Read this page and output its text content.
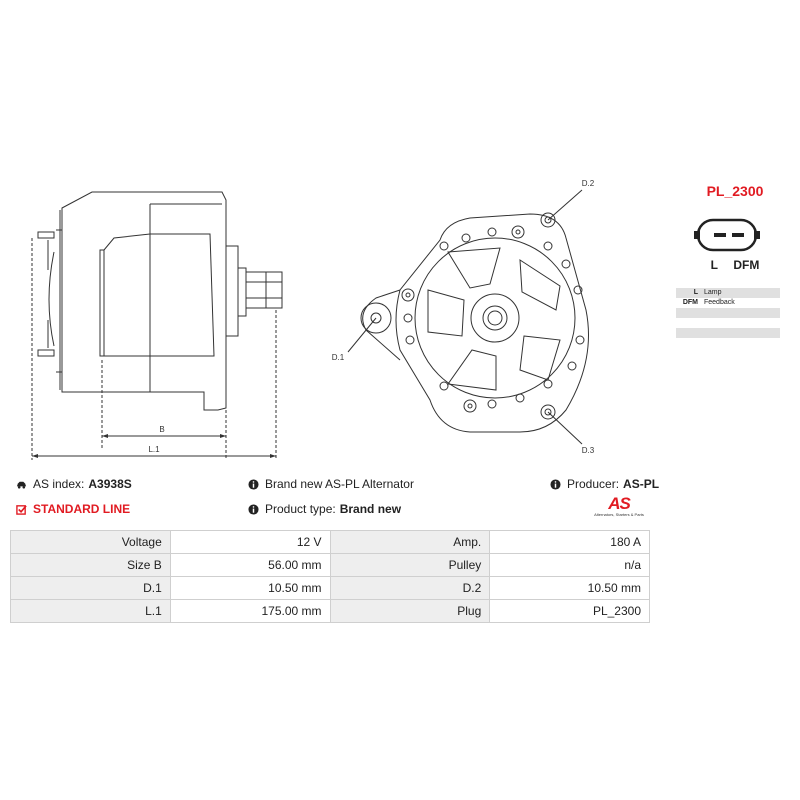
B
L.1
D.2
D.3
D.1
PL_2300
L DFM
L Lamp
DFM Feedback
AS index: A3938S
STANDARD LINE
Brand new AS-PL Alternator
Product type: Brand new
Producer: AS-PL
AS
Alternators, Starters & Parts
Voltage	12 V	Amp.	180 A
Size B	56.00 mm	Pulley	n/a
D.1	10.50 mm	D.2	10.50 mm
L.1	175.00 mm	Plug	PL_2300
